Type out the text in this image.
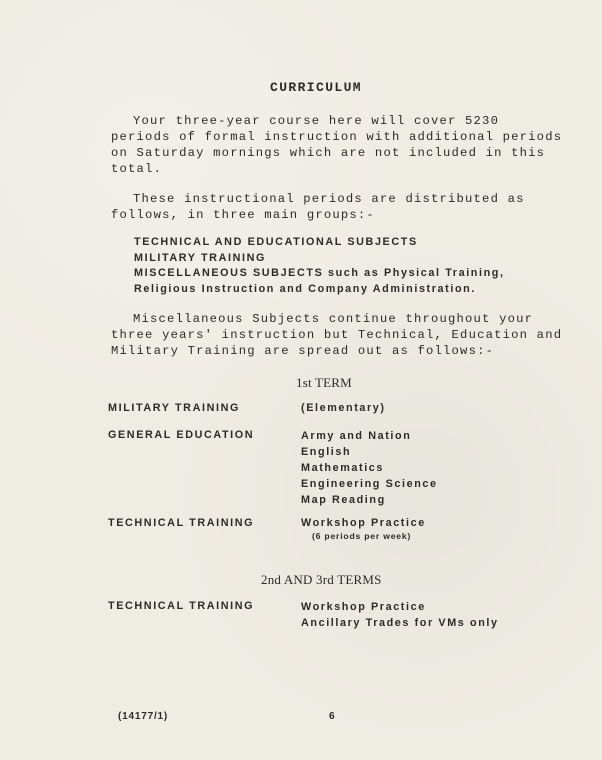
CURRICULUM

Your three-year course here will cover 5230 periods of formal instruction with additional periods on Saturday mornings which are not included in this total.

These instructional periods are distributed as follows, in three main groups:-

TECHNICAL AND EDUCATIONAL SUBJECTS
MILITARY TRAINING
MISCELLANEOUS SUBJECTS such as Physical Training,
Religious Instruction and Company Administration.

Miscellaneous Subjects continue throughout your three years' instruction but Technical, Education and Military Training are spread out as follows:-

1st TERM
MILITARY TRAINING	(Elementary)
GENERAL EDUCATION	Army and Nation
English
Mathematics
Engineering Science
Map Reading
TECHNICAL TRAINING	Workshop Practice
(6 periods per week)
2nd AND 3rd TERMS
TECHNICAL TRAINING	Workshop Practice
Ancillary Trades for VMs only
(14177/1)	6
